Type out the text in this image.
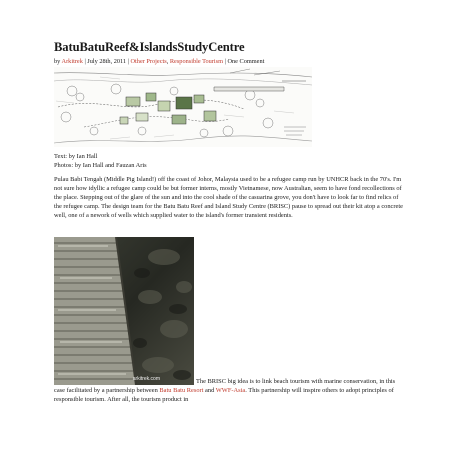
BatuBatuReef&IslandsStudyCentre
by Arkitrek | July 28th, 2011 | Other Projects, Responsible Tourism | One Comment
Text: by Ian Hall
Photos: by Ian Hall and Fauzan Aris

Pulau Babi Tengah (Middle Pig Island!) off the coast of Johor, Malaysia used to be a refugee camp run by UNHCR back in the 70's. I'm not sure how idyllic a refugee camp could be but former interns, mostly Vietnamese, now Australian, seem to have fond recollections of the place. Stepping out of the glare of the sun and into the cool shade of the casuarina grove, you don't have to look far to find relics of the refugee camp. The design team for the Batu Batu Reef and Island Study Centre (BRISC) pause to spread out their kit atop a concrete well, one of a nework of wells which supplied water to the island's former transient residents.

arkitrek.com	The BRISC big idea is to link beach tourism with marine conservation, in this case facilitated by a partnership between Batu Batu Resort and WWF-Asia. This partnership will inspire others to adopt principles of responsible tourism. After all, the tourism product in
